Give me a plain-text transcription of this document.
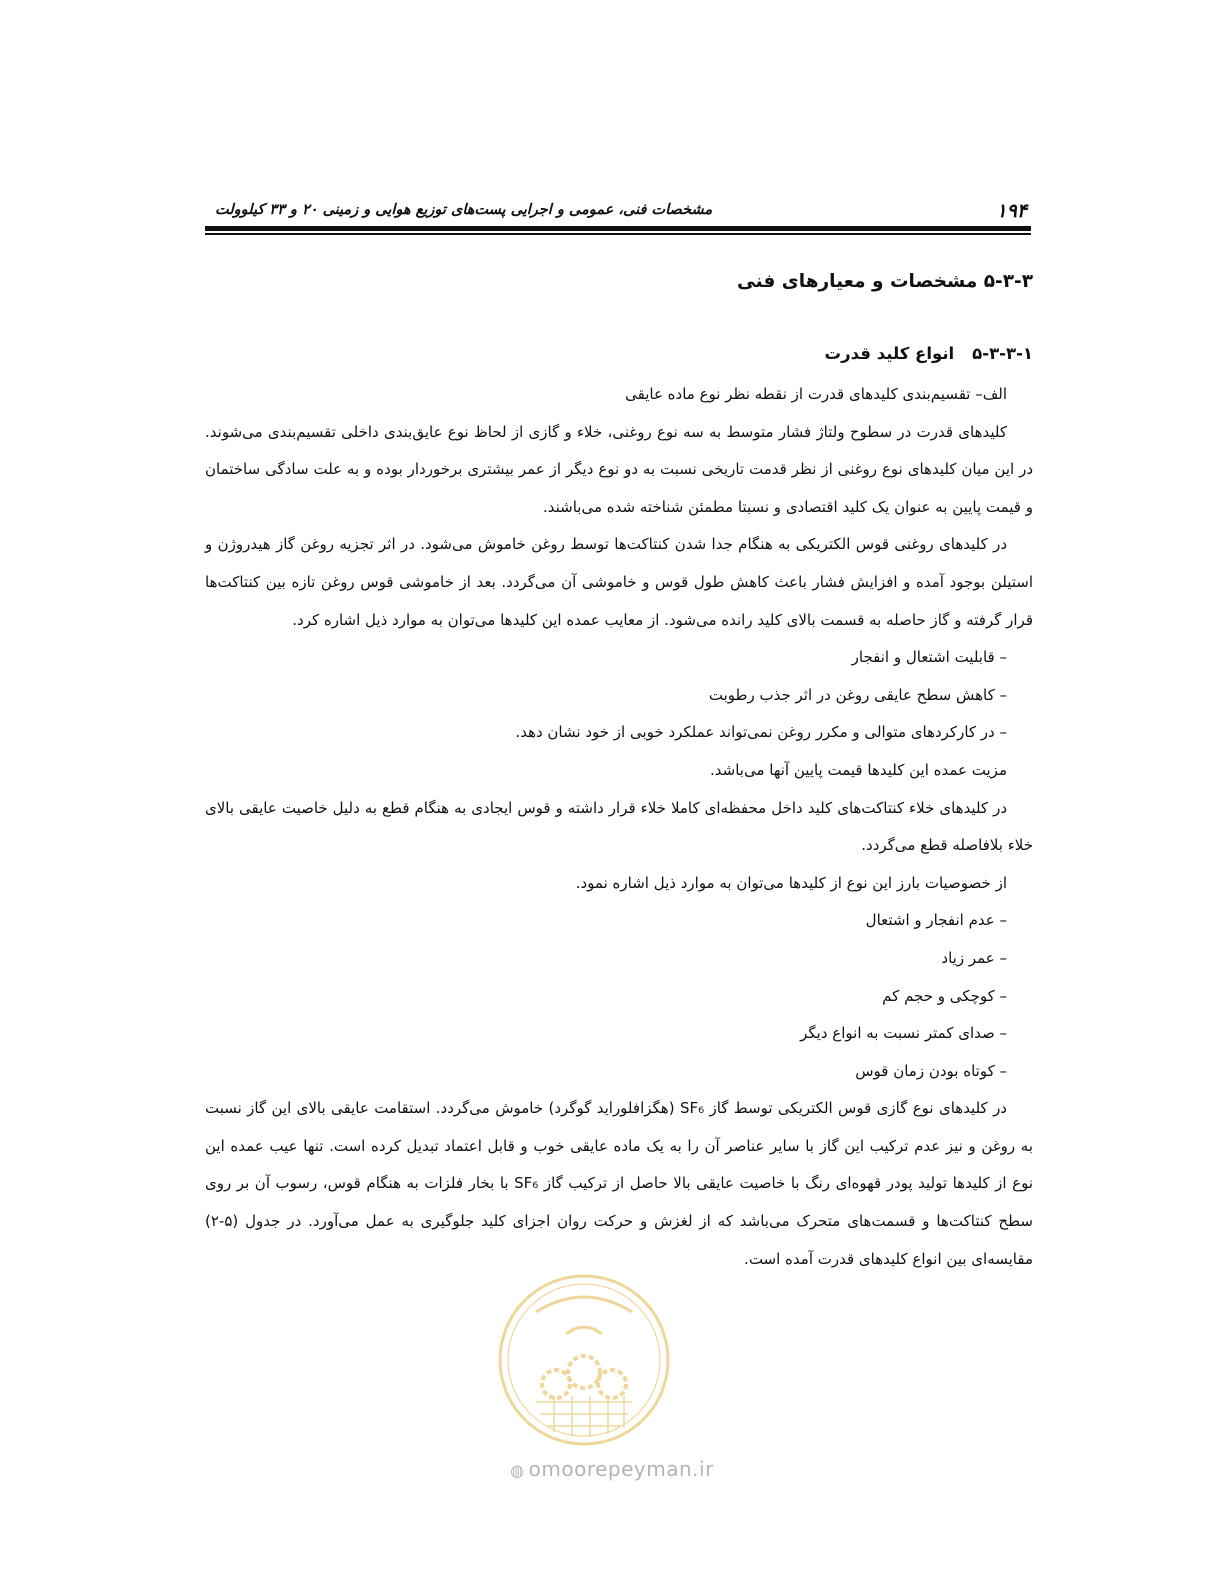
۱۹۴
مشخصات فنی، عمومی و اجرایی پست‌های توزیع هوایی و زمینی ۲۰ و ۳۳ کیلوولت
۵-۳-۳ مشخصات و معیارهای فنی
۵-۳-۳-۱انواع کلید قدرت

الف– تقسیم‌بندی کلیدهای قدرت از نقطه نظر نوع ماده عایقی

کلیدهای قدرت در سطوح ولتاژ فشار متوسط به سه نوع روغنی، خلاء و گازی از لحاظ نوع عایق‌بندی داخلی تقسیم‌بندی می‌شوند. در این میان کلیدهای نوع روغنی از نظر قدمت تاریخی نسبت به دو نوع دیگر از عمر بیشتری برخوردار بوده و به علت سادگی ساختمان و قیمت پایین به عنوان یک کلید اقتصادی و نسبتا مطمئن شناخته شده می‌باشند.

در کلیدهای روغنی قوس الکتریکی به هنگام جدا شدن کنتاکت‌ها توسط روغن خاموش می‌شود. در اثر تجزیه روغن گاز هیدروژن و استیلن بوجود آمده و افزایش فشار باعث کاهش طول قوس و خاموشی آن می‌گردد. بعد از خاموشی قوس روغن تازه بین کنتاکت‌ها قرار گرفته و گاز حاصله به قسمت بالای کلید رانده می‌شود. از معایب عمده این کلیدها می‌توان به موارد ذیل اشاره کرد.

– قابلیت اشتعال و انفجار
– کاهش سطح عایقی روغن در اثر جذب رطوبت
– در کارکردهای متوالی و مکرر روغن نمی‌تواند عملکرد خوبی از خود نشان دهد.

مزیت عمده این کلیدها قیمت پایین آنها می‌باشد.

در کلیدهای خلاء کنتاکت‌های کلید داخل محفظه‌ای کاملا خلاء قرار داشته و قوس ایجادی به هنگام قطع به دلیل خاصیت عایقی بالای خلاء بلافاصله قطع می‌گردد.

از خصوصیات بارز این نوع از کلیدها می‌توان به موارد ذیل اشاره نمود.

– عدم انفجار و اشتعال
– عمر زیاد
– کوچکی و حجم کم
– صدای کمتر نسبت به انواع دیگر
– کوتاه بودن زمان قوس

در کلیدهای نوع گازی قوس الکتریکی توسط گاز SF₆ (هگزافلوراید گوگرد) خاموش می‌گردد. استقامت عایقی بالای این گاز نسبت به روغن و نیز عدم ترکیب این گاز با سایر عناصر آن را به یک ماده عایقی خوب و قابل اعتماد تبدیل کرده است. تنها عیب عمده این نوع از کلیدها تولید پودر قهوه‌ای رنگ با خاصیت عایقی بالا حاصل از ترکیب گاز SF₆ با بخار فلزات به هنگام قوس، رسوب آن بر روی سطح کنتاکت‌ها و قسمت‌های متحرک می‌باشد که از لغزش و حرکت روان اجزای کلید جلوگیری به عمل می‌آورد. در جدول (۵-۲) مقایسه‌ای بین انواع کلیدهای قدرت آمده است.

◍ omoorepeyman.ir
